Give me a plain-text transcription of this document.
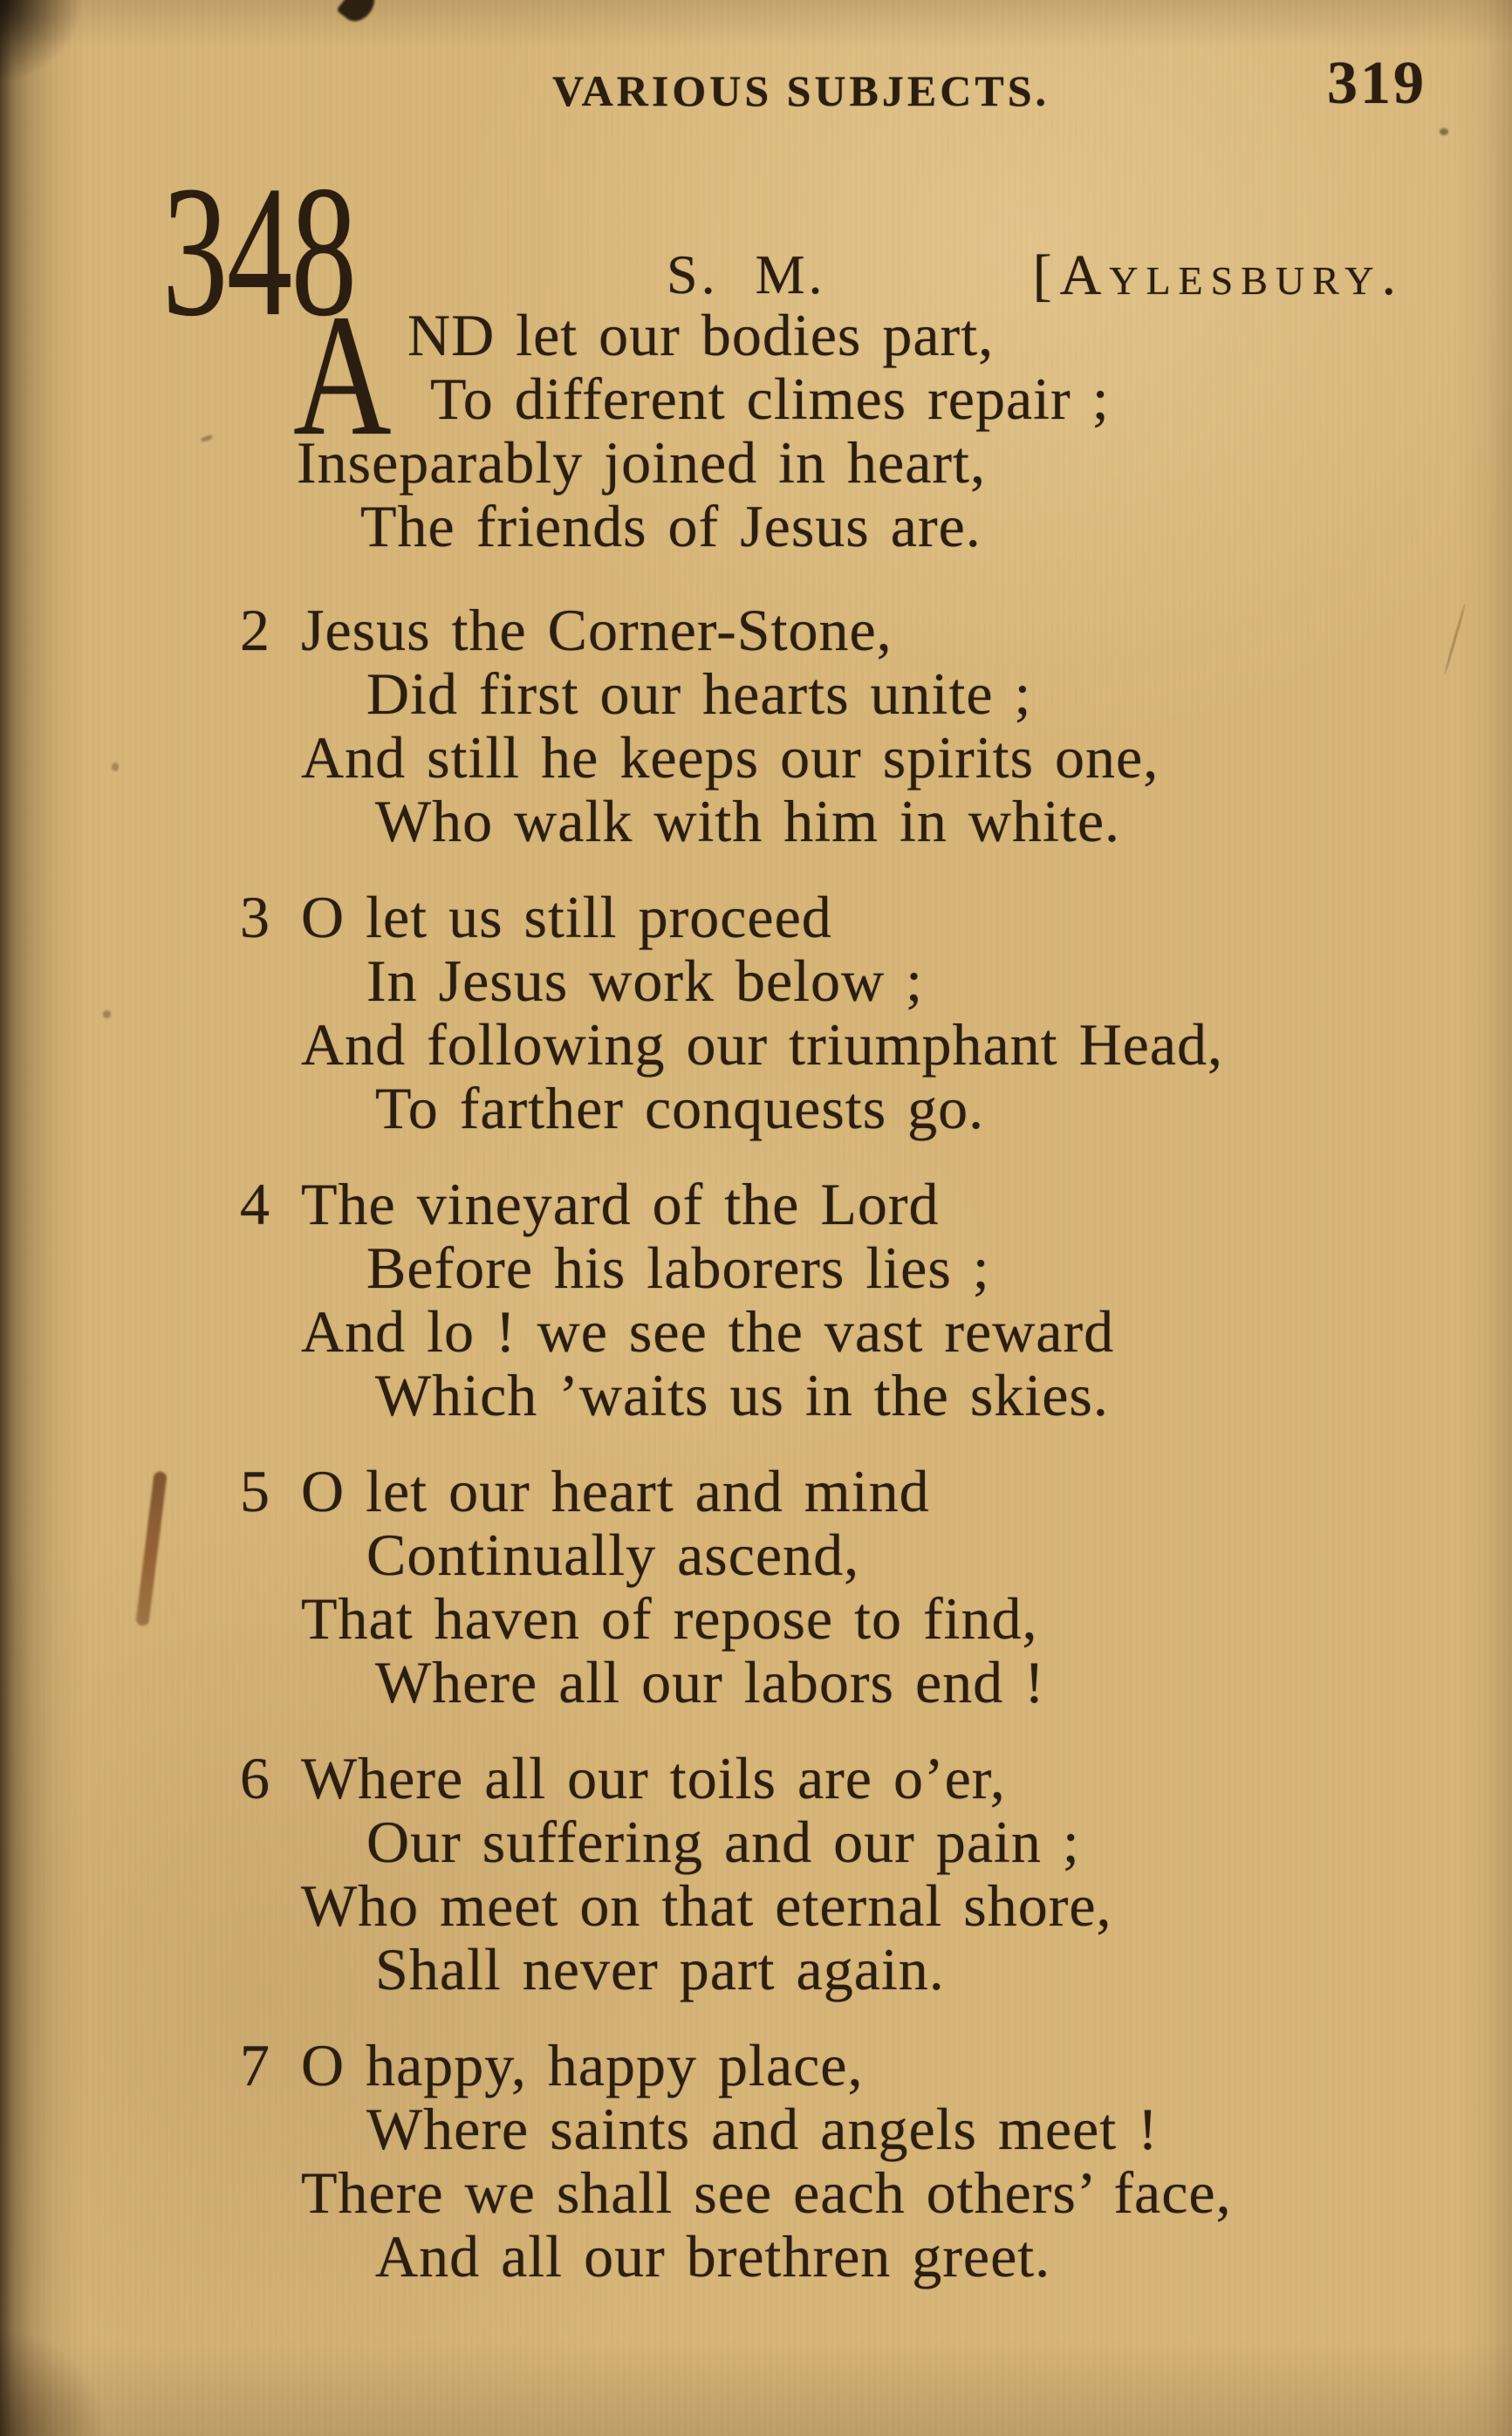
VARIOUS SUBJECTS.	319
348	S. M.	[Aylesbury.
A ND let our bodies part,
To different climes repair ;
Inseparably joined in heart,
The friends of Jesus are.
2 Jesus the Corner-Stone,
Did first our hearts unite ;
And still he keeps our spirits one,
Who walk with him in white.
3 O let us still proceed
In Jesus work below ;
And following our triumphant Head,
To farther conquests go.
4 The vineyard of the Lord
Before his laborers lies ;
And lo ! we see the vast reward
Which ’waits us in the skies.
5 O let our heart and mind
Continually ascend,
That haven of repose to find,
Where all our labors end !
6 Where all our toils are o’er,
Our suffering and our pain ;
Who meet on that eternal shore,
Shall never part again.
7 O happy, happy place,
Where saints and angels meet !
There we shall see each others’ face,
And all our brethren greet.
